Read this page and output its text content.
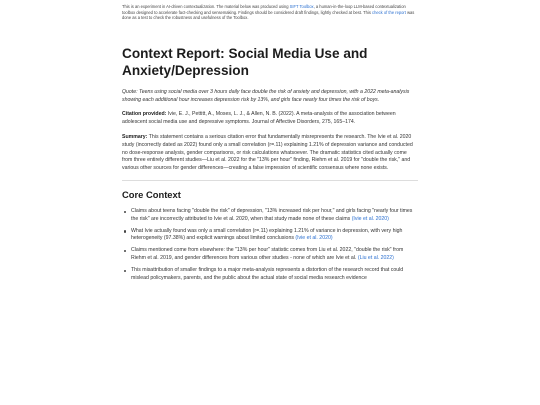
This is an experiment in AI-driven contextualization. The material below was produced using SIFT Toolbox, a human-in-the-loop LLM-based contextualization toolbox designed to accelerate fact-checking and sensemaking. Findings should be considered draft findings, lightly checked at best. This check of the report was done as a test to check the robustness and usefulness of the Toolbox.

Context Report: Social Media Use and Anxiety/Depression

Quote: Teens using social media over 3 hours daily face double the risk of anxiety and depression, with a 2022 meta-analysis showing each additional hour increases depression risk by 13%, and girls face nearly four times the risk of boys.

Citation provided: Ivie, E. J., Pettitt, A., Moses, L. J., & Allen, N. B. (2022). A meta-analysis of the association between adolescent social media use and depressive symptoms. Journal of Affective Disorders, 275, 165–174.

Summary: This statement contains a serious citation error that fundamentally misrepresents the research. The Ivie et al. 2020 study (incorrectly dated as 2022) found only a small correlation (r=.11) explaining 1.21% of depression variance and conducted no dose-response analysis, gender comparisons, or risk calculations whatsoever. The dramatic statistics cited actually come from three entirely different studies—Liu et al. 2022 for the "13% per hour" finding, Riehm et al. 2019 for "double the risk," and various other sources for gender differences—creating a false impression of scientific consensus where none exists.

Core Context
Claims about teens facing "double the risk" of depression, "13% increased risk per hour," and girls facing "nearly four times the risk" are incorrectly attributed to Ivie et al. 2020, when that study made none of these claims (Ivie et al. 2020)
What Ivie actually found was only a small correlation (r=.11) explaining 1.21% of variance in depression, with very high heterogeneity (97.38%) and explicit warnings about limited conclusions (Ivie et al. 2020)
Claims mentioned come from elsewhere: the "13% per hour" statistic comes from Liu et al. 2022, "double the risk" from Riehm et al. 2019, and gender differences from various other studies - none of which are Ivie et al. (Liu et al. 2022)
This misattribution of smaller findings to a major meta-analysis represents a distortion of the research record that could mislead policymakers, parents, and the public about the actual state of social media research evidence
